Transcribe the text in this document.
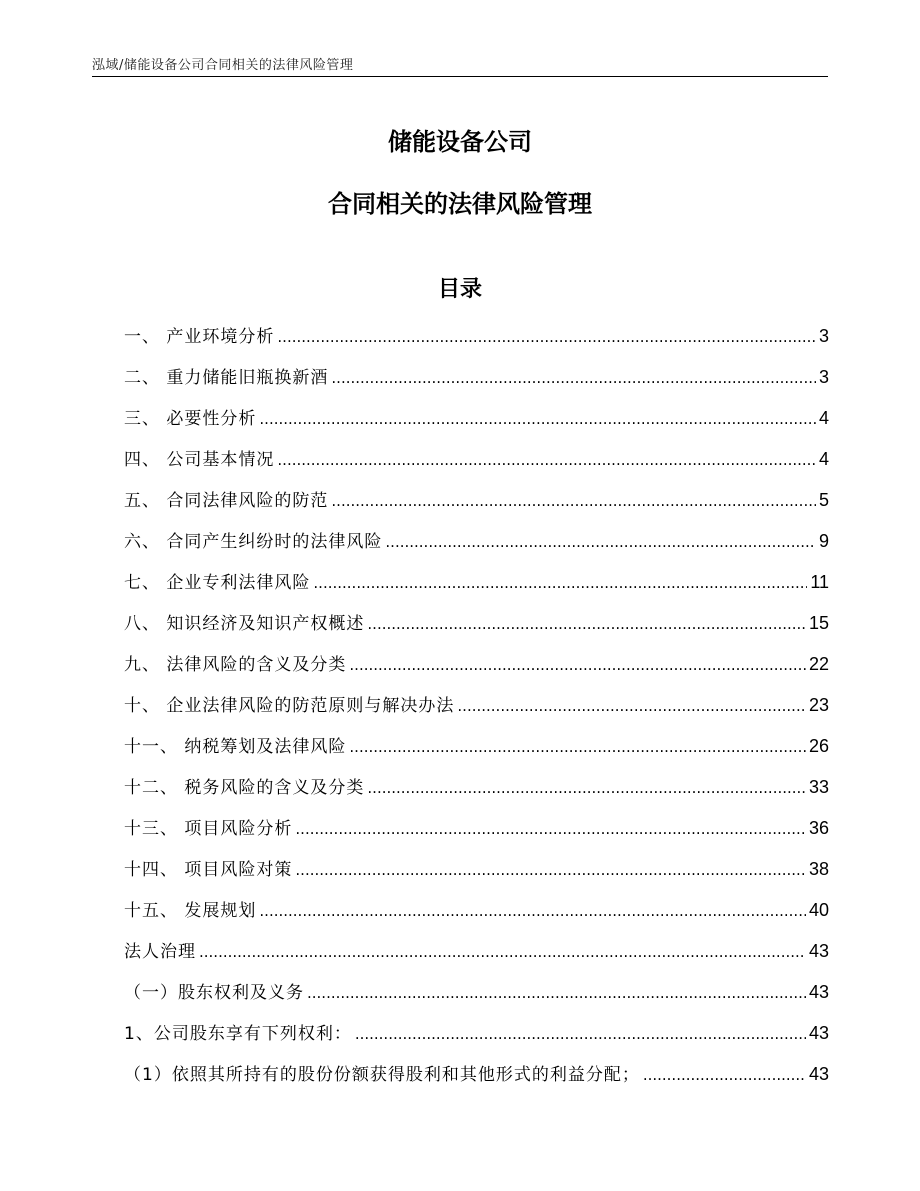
泓域/储能设备公司合同相关的法律风险管理
储能设备公司
合同相关的法律风险管理
目录
一、 产业环境分析 .....	3
二、 重力储能旧瓶换新酒 .....	3
三、 必要性分析 .....	4
四、 公司基本情况 .....	4
五、 合同法律风险的防范 .....	5
六、 合同产生纠纷时的法律风险 .....	9
七、 企业专利法律风险 .....	11
八、 知识经济及知识产权概述 .....	15
九、 法律风险的含义及分类 .....	22
十、 企业法律风险的防范原则与解决办法 .....	23
十一、 纳税筹划及法律风险 .....	26
十二、 税务风险的含义及分类 .....	33
十三、 项目风险分析 .....	36
十四、 项目风险对策 .....	38
十五、 发展规划 .....	40
法人治理 .....	43
（一）股东权利及义务 .....	43
1、公司股东享有下列权利： .....	43
（1）依照其所持有的股份份额获得股利和其他形式的利益分配； .....	43
